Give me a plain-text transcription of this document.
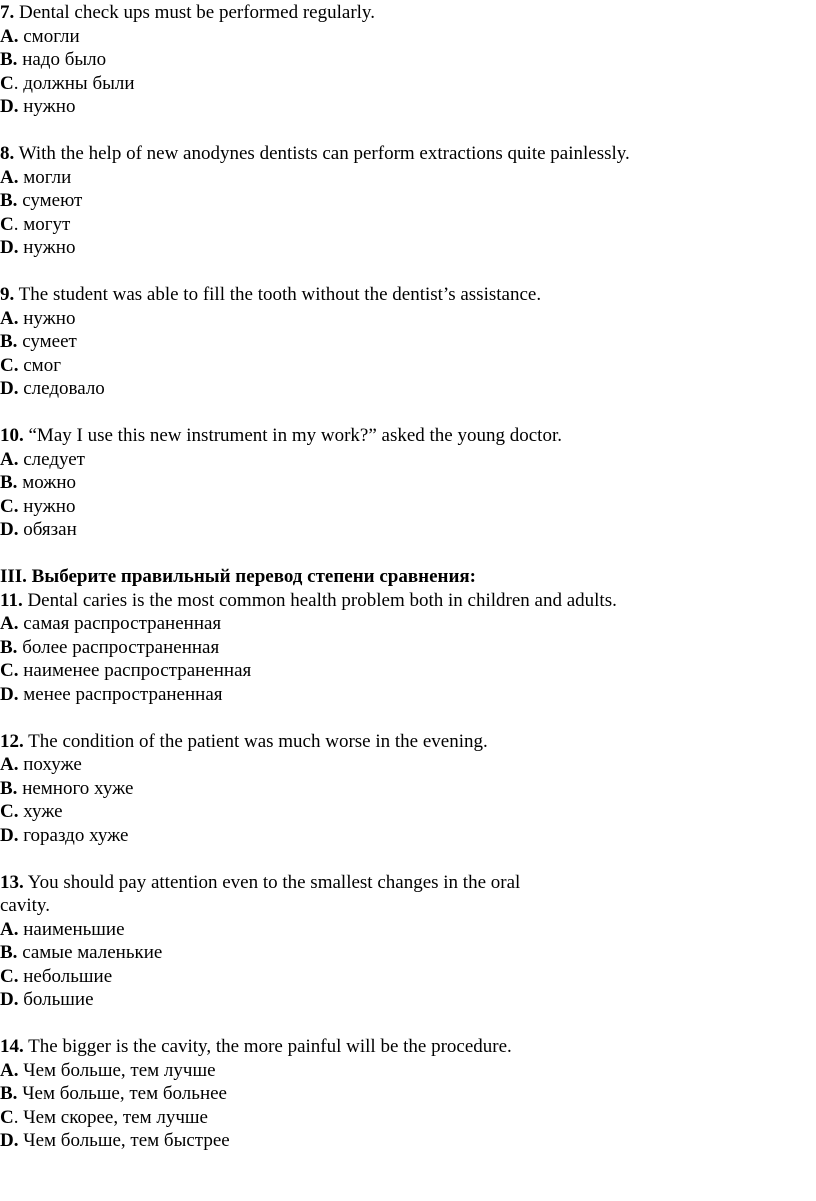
7. Dental check ups must be performed regularly.
A. смогли
B. надо было
C. должны были
D. нужно
8. With the help of new anodynes dentists can perform extractions quite painlessly.
A. могли
B. сумеют
C. могут
D. нужно
9. The student was able to fill the tooth without the dentist’s assistance.
A. нужно
B. сумеет
C. смог
D. следовало
10. “May I use this new instrument in my work?” asked the young doctor.
A. следует
B. можно
C. нужно
D. обязан
III. Выберите правильный перевод степени сравнения:
11. Dental caries is the most common health problem both in children and adults.
A. самая распространенная
B. более распространенная
C. наименее распространенная
D. менее распространенная
12. The condition of the patient was much worse in the evening.
A. похуже
B. немного хуже
C. хуже
D. гораздо хуже
13. You should pay attention even to the smallest changes in the oral
cavity.
A. наименьшие
B. самые маленькие
C. небольшие
D. большие
14. The bigger is the cavity, the more painful will be the procedure.
A. Чем больше, тем лучше
B. Чем больше, тем больнее
C. Чем скорее, тем лучше
D. Чем больше, тем быстрее
